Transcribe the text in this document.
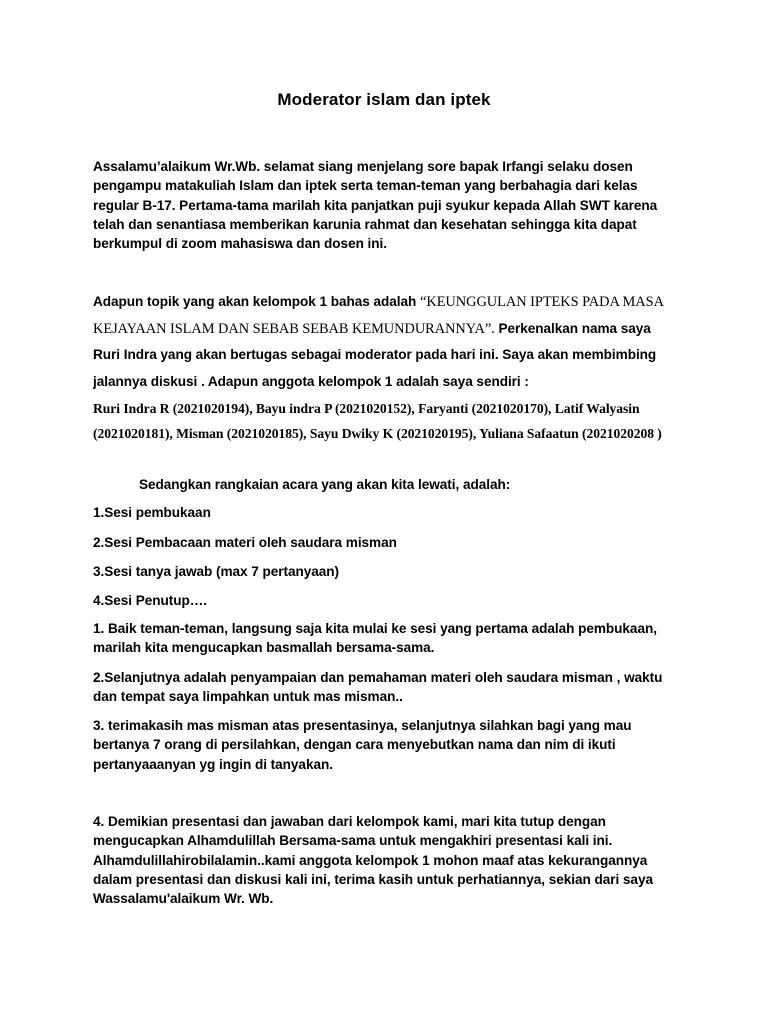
Moderator islam dan iptek
Assalamu’alaikum Wr.Wb. selamat siang menjelang sore bapak Irfangi selaku dosen pengampu matakuliah Islam dan iptek serta teman-teman yang berbahagia dari kelas regular B-17. Pertama-tama marilah kita panjatkan puji syukur kepada Allah SWT karena telah dan senantiasa memberikan karunia rahmat dan kesehatan sehingga kita dapat berkumpul di zoom mahasiswa dan dosen ini.
Adapun topik yang akan kelompok 1 bahas adalah “KEUNGGULAN IPTEKS PADA MASA KEJAYAAN ISLAM DAN SEBAB SEBAB KEMUNDURANNYA”. Perkenalkan nama saya Ruri Indra yang akan bertugas sebagai moderator pada hari ini. Saya akan membimbing jalannya diskusi . Adapun anggota kelompok 1 adalah saya sendiri :
Ruri Indra R (2021020194), Bayu indra P (2021020152), Faryanti (2021020170), Latif Walyasin (2021020181), Misman (2021020185), Sayu Dwiky K (2021020195), Yuliana Safaatun (2021020208 )
Sedangkan rangkaian acara yang akan kita lewati, adalah:
1.Sesi pembukaan
2.Sesi Pembacaan materi oleh saudara misman
3.Sesi tanya jawab (max 7 pertanyaan)
4.Sesi Penutup….
1. Baik teman-teman, langsung saja kita mulai ke sesi yang pertama adalah pembukaan, marilah kita mengucapkan basmallah bersama-sama.
2.Selanjutnya adalah penyampaian dan pemahaman materi oleh saudara misman , waktu dan tempat saya limpahkan untuk mas misman..
3. terimakasih mas misman atas presentasinya, selanjutnya silahkan bagi yang mau bertanya 7 orang di persilahkan, dengan cara menyebutkan nama dan nim di ikuti pertanyaaanyan yg ingin di tanyakan.
4. Demikian presentasi dan jawaban dari kelompok kami, mari kita tutup dengan mengucapkan Alhamdulillah Bersama-sama untuk mengakhiri presentasi kali ini. Alhamdulillahirobilalamin..kami anggota kelompok 1 mohon maaf atas kekurangannya dalam presentasi dan diskusi kali ini, terima kasih untuk perhatiannya, sekian dari saya Wassalamu'alaikum Wr. Wb.
